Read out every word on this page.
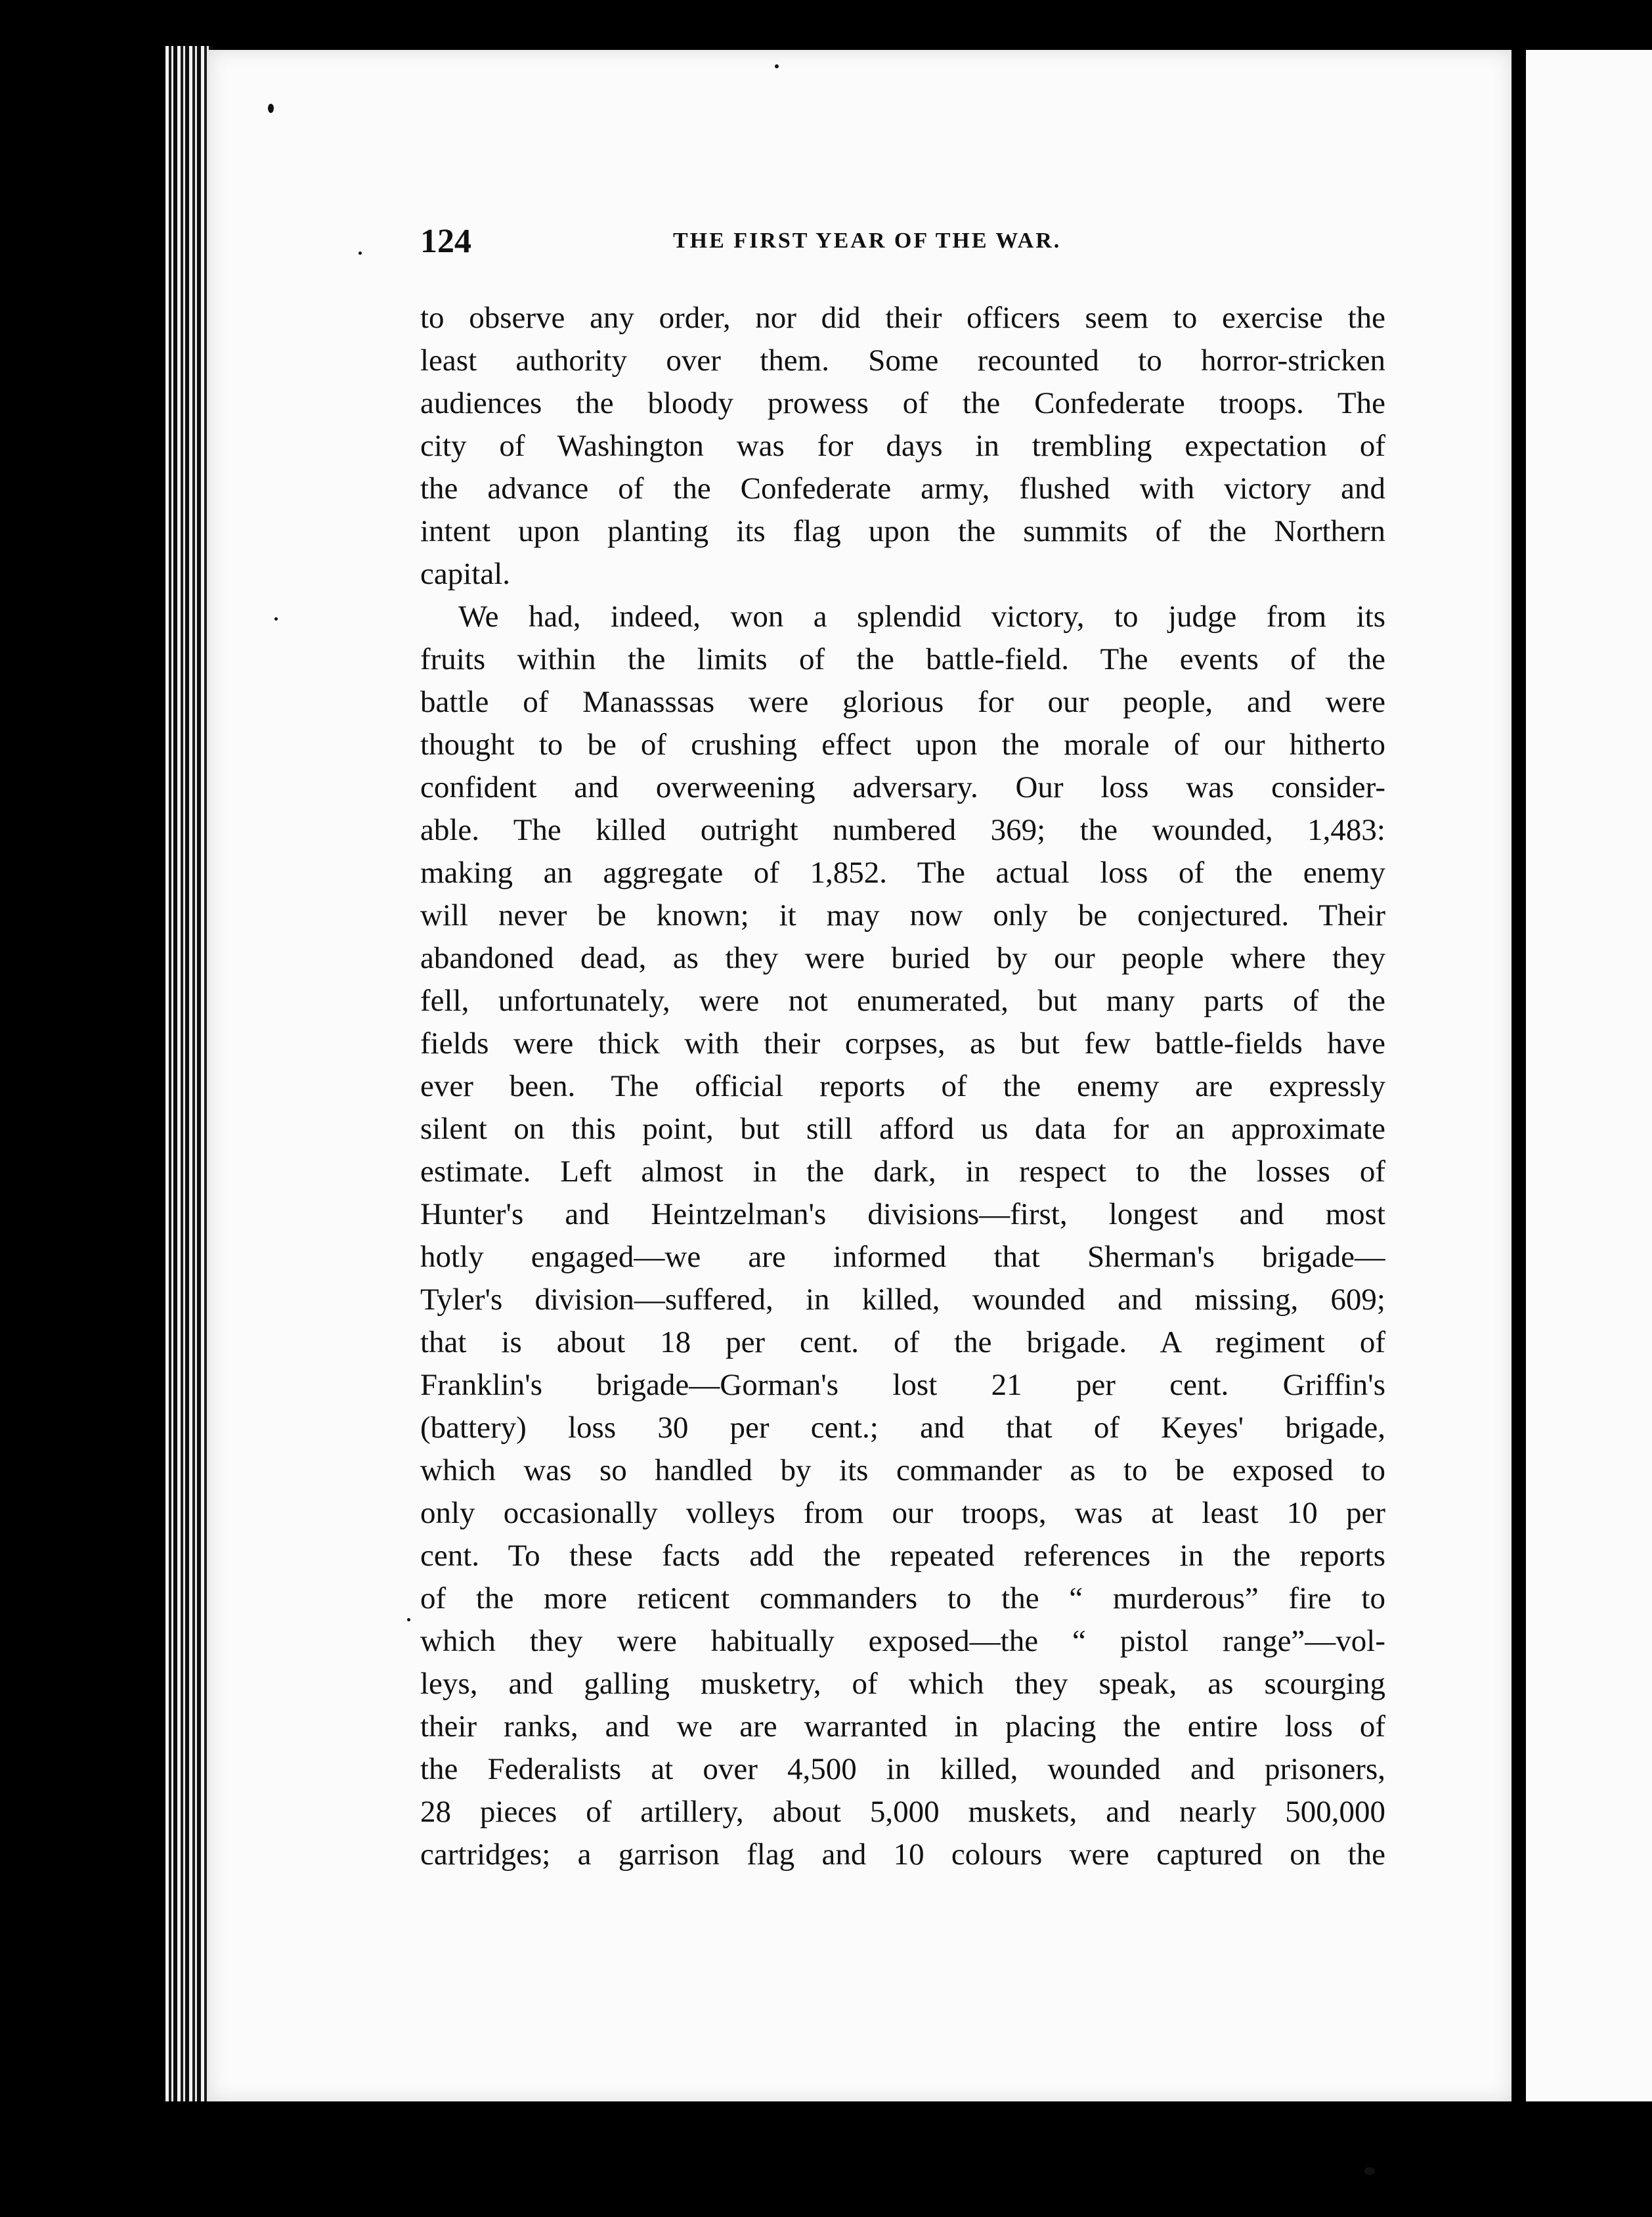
124	THE FIRST YEAR OF THE WAR.
to observe any order, nor did their officers seem to exercise the
least authority over them. Some recounted to horror-stricken
audiences the bloody prowess of the Confederate troops. The
city of Washington was for days in trembling expectation of
the advance of the Confederate army, flushed with victory and
intent upon planting its flag upon the summits of the Northern
capital.
We had, indeed, won a splendid victory, to judge from its
fruits within the limits of the battle-field. The events of the
battle of Manasssas were glorious for our people, and were
thought to be of crushing effect upon the morale of our hitherto
confident and overweening adversary. Our loss was consider-
able. The killed outright numbered 369; the wounded, 1,483:
making an aggregate of 1,852. The actual loss of the enemy
will never be known; it may now only be conjectured. Their
abandoned dead, as they were buried by our people where they
fell, unfortunately, were not enumerated, but many parts of the
fields were thick with their corpses, as but few battle-fields have
ever been. The official reports of the enemy are expressly
silent on this point, but still afford us data for an approximate
estimate. Left almost in the dark, in respect to the losses of
Hunter's and Heintzelman's divisions—first, longest and most
hotly engaged—we are informed that Sherman's brigade—
Tyler's division—suffered, in killed, wounded and missing, 609;
that is about 18 per cent. of the brigade. A regiment of
Franklin's brigade—Gorman's lost 21 per cent. Griffin's
(battery) loss 30 per cent.; and that of Keyes' brigade,
which was so handled by its commander as to be exposed to
only occasionally volleys from our troops, was at least 10 per
cent. To these facts add the repeated references in the reports
of the more reticent commanders to the “ murderous” fire to
which they were habitually exposed—the “ pistol range”—vol-
leys, and galling musketry, of which they speak, as scourging
their ranks, and we are warranted in placing the entire loss of
the Federalists at over 4,500 in killed, wounded and prisoners,
28 pieces of artillery, about 5,000 muskets, and nearly 500,000
cartridges; a garrison flag and 10 colours were captured on the
